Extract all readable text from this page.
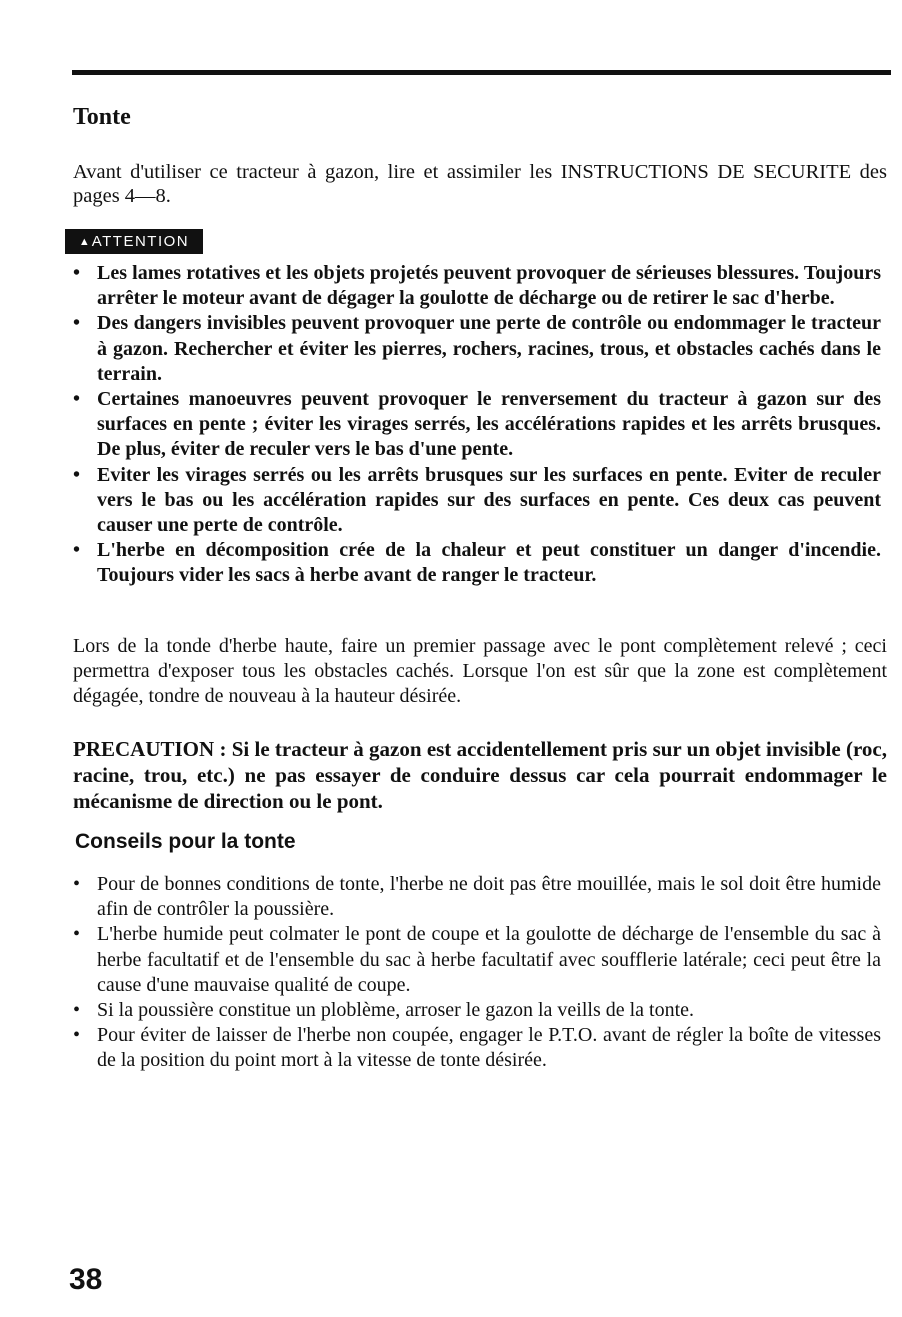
Tonte

Avant d'utiliser ce tracteur à gazon, lire et assimiler les INSTRUCTIONS DE SECURITE des pages 4—8.

▲ ATTENTION
• Les lames rotatives et les objets projetés peuvent provoquer de sérieuses blessures. Toujours arrêter le moteur avant de dégager la goulotte de décharge ou de retirer le sac d'herbe.
• Des dangers invisibles peuvent provoquer une perte de contrôle ou endommager le tracteur à gazon. Rechercher et éviter les pierres, rochers, racines, trous, et obstacles cachés dans le terrain.
• Certaines manoeuvres peuvent provoquer le renversement du tracteur à gazon sur des surfaces en pente ; éviter les virages serrés, les accélérations rapides et les arrêts brusques. De plus, éviter de reculer vers le bas d'une pente.
• Eviter les virages serrés ou les arrêts brusques sur les surfaces en pente. Eviter de reculer vers le bas ou les accélération rapides sur des surfaces en pente. Ces deux cas peuvent causer une perte de contrôle.
• L'herbe en décomposition crée de la chaleur et peut constituer un danger d'incendie. Toujours vider les sacs à herbe avant de ranger le tracteur.

Lors de la tonde d'herbe haute, faire un premier passage avec le pont complètement relevé ; ceci permettra d'exposer tous les obstacles cachés. Lorsque l'on est sûr que la zone est complètement dégagée, tondre de nouveau à la hauteur désirée.

PRECAUTION : Si le tracteur à gazon est accidentellement pris sur un objet invisible (roc, racine, trou, etc.) ne pas essayer de conduire dessus car cela pourrait endommager le mécanisme de direction ou le pont.

Conseils pour la tonte
• Pour de bonnes conditions de tonte, l'herbe ne doit pas être mouillée, mais le sol doit être humide afin de contrôler la poussière.
• L'herbe humide peut colmater le pont de coupe et la goulotte de décharge de l'ensemble du sac à herbe facultatif et de l'ensemble du sac à herbe facultatif avec soufflerie latérale; ceci peut être la cause d'une mauvaise qualité de coupe.
• Si la poussière constitue un ploblème, arroser le gazon la veills de la tonte.
• Pour éviter de laisser de l'herbe non coupée, engager le P.T.O. avant de régler la boîte de vitesses de la position du point mort à la vitesse de tonte désirée.
38
